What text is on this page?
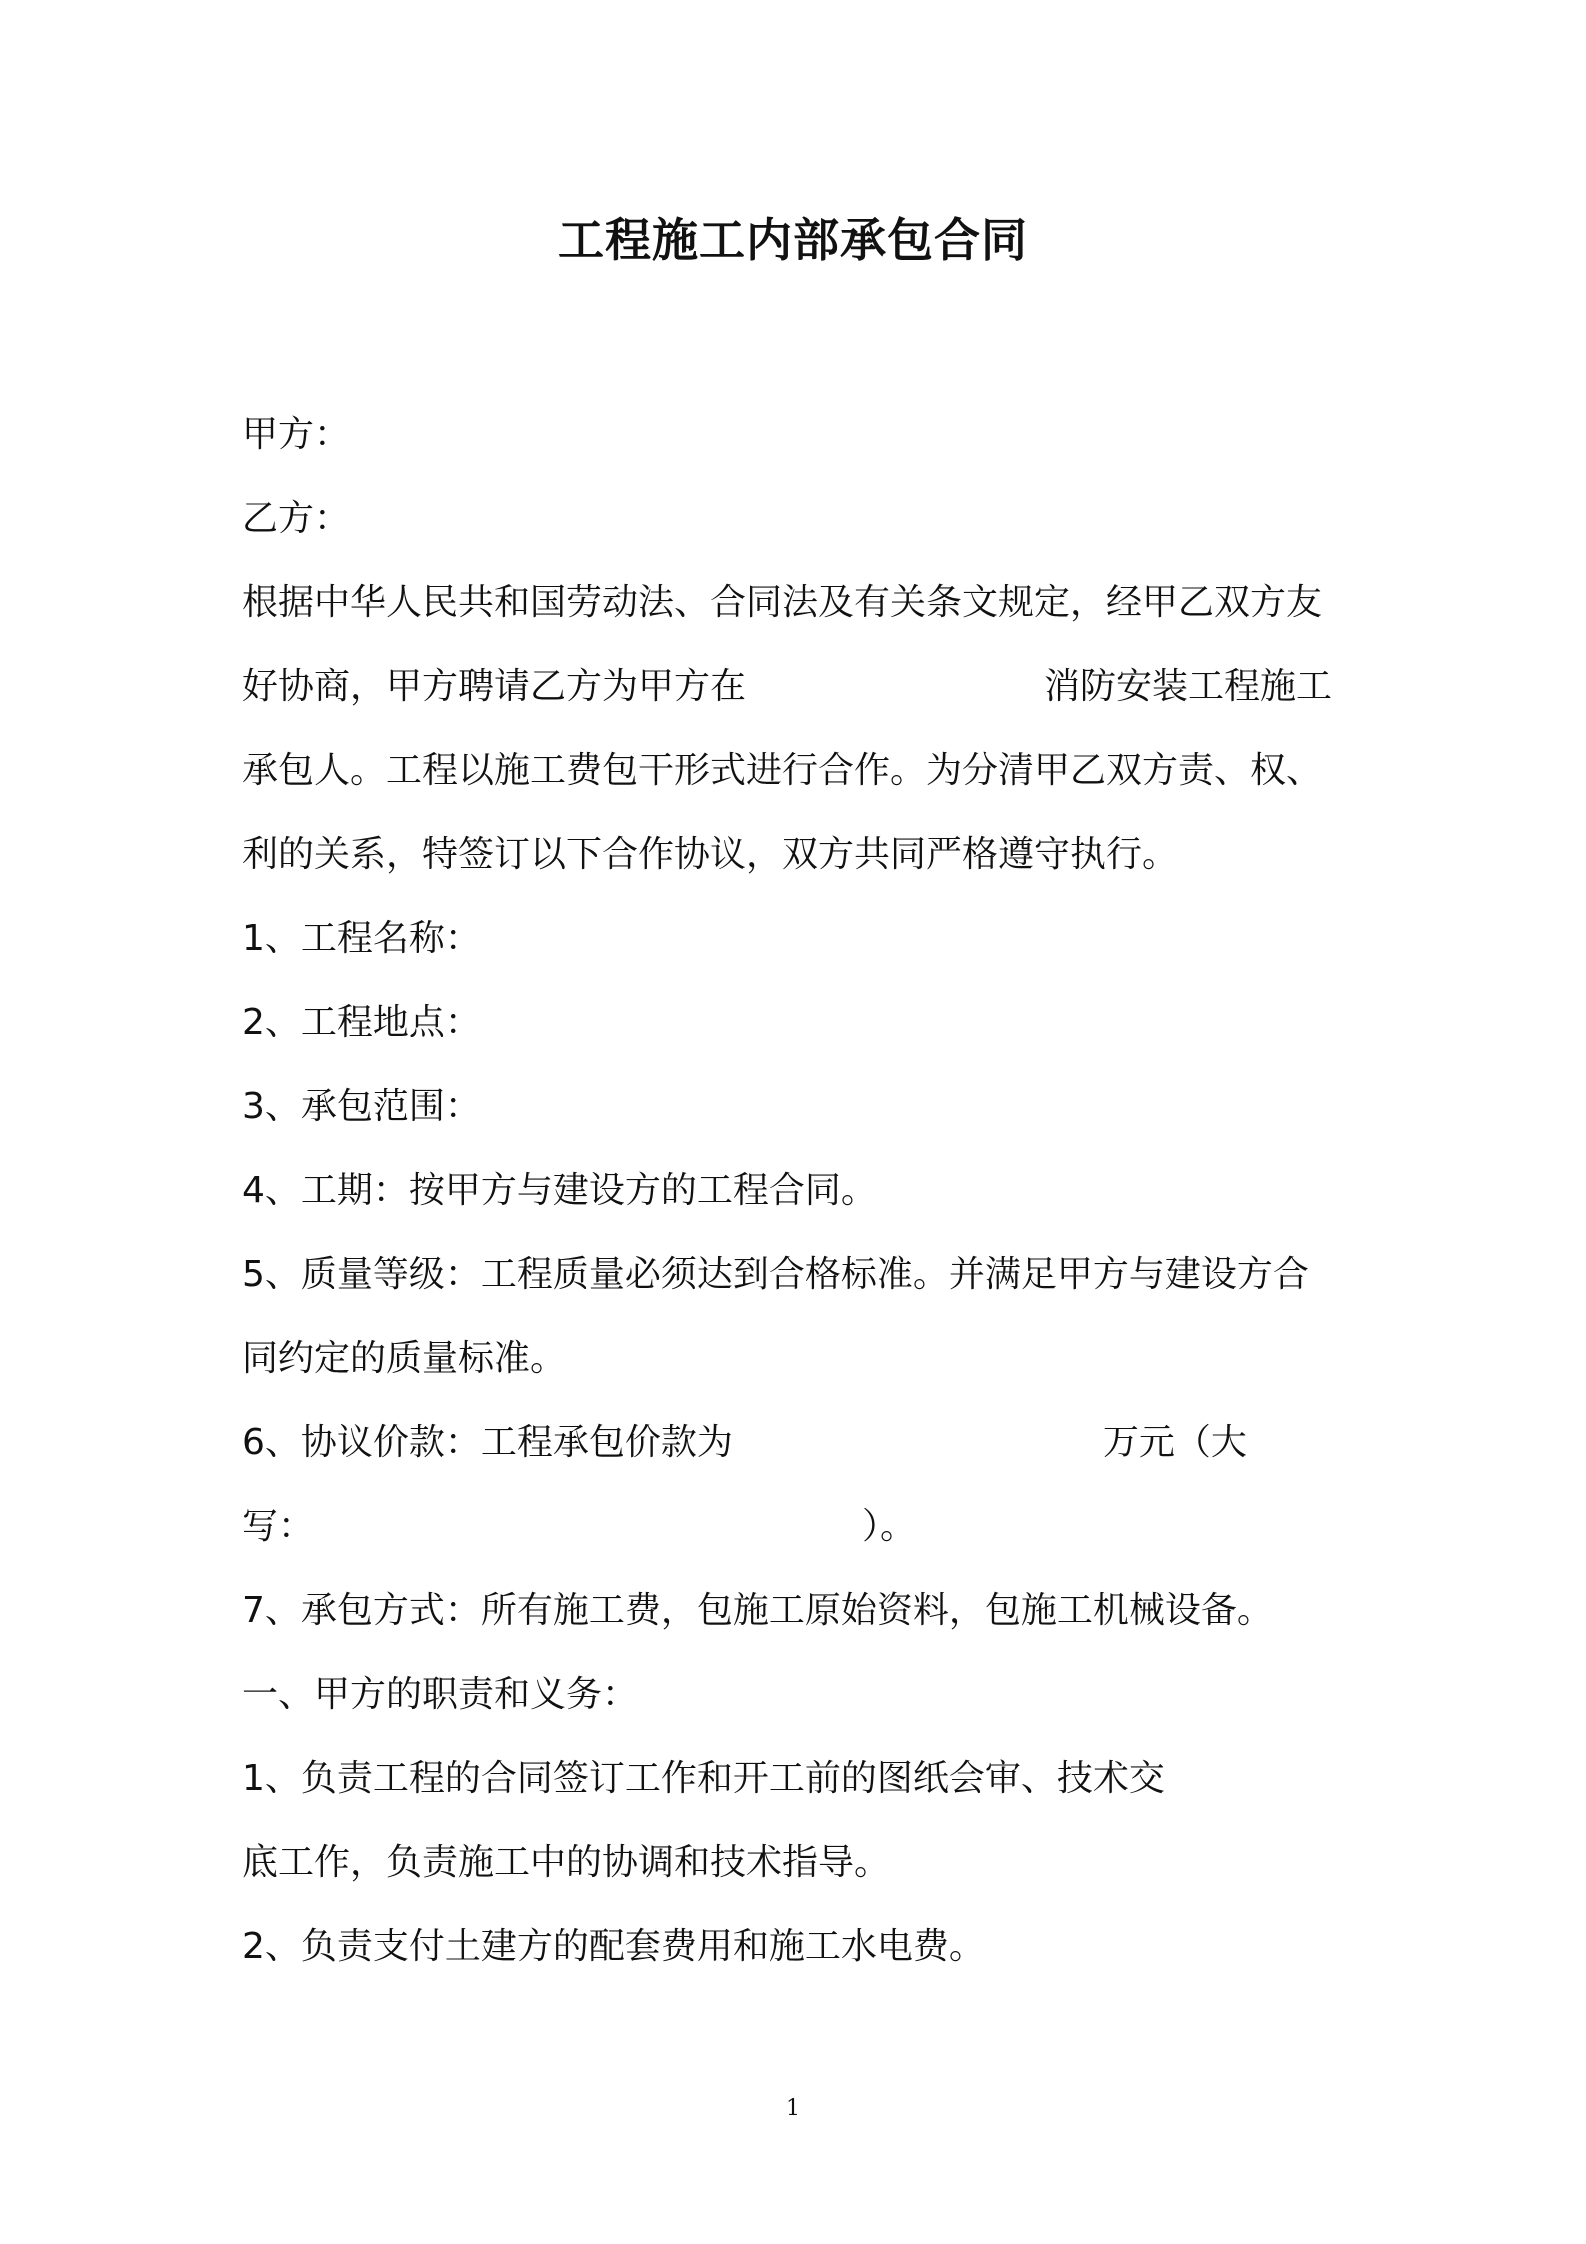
工程施工内部承包合同
甲方：
乙方：
根据中华人民共和国劳动法、合同法及有关条文规定，经甲乙双方友
好协商，甲方聘请乙方为甲方在	消防安装工程施工
承包人。工程以施工费包干形式进行合作。为分清甲乙双方责、权、
利的关系，特签订以下合作协议，双方共同严格遵守执行。
1、工程名称：
2、工程地点：
3、承包范围：
4、工期：按甲方与建设方的工程合同。
5、质量等级：工程质量必须达到合格标准。并满足甲方与建设方合
同约定的质量标准。
6、协议价款：工程承包价款为	万元（大
写：	）。
7、承包方式：所有施工费，包施工原始资料，包施工机械设备。
一、甲方的职责和义务：
1、负责工程的合同签订工作和开工前的图纸会审、技术交
底工作，负责施工中的协调和技术指导。
2、负责支付土建方的配套费用和施工水电费。
1
